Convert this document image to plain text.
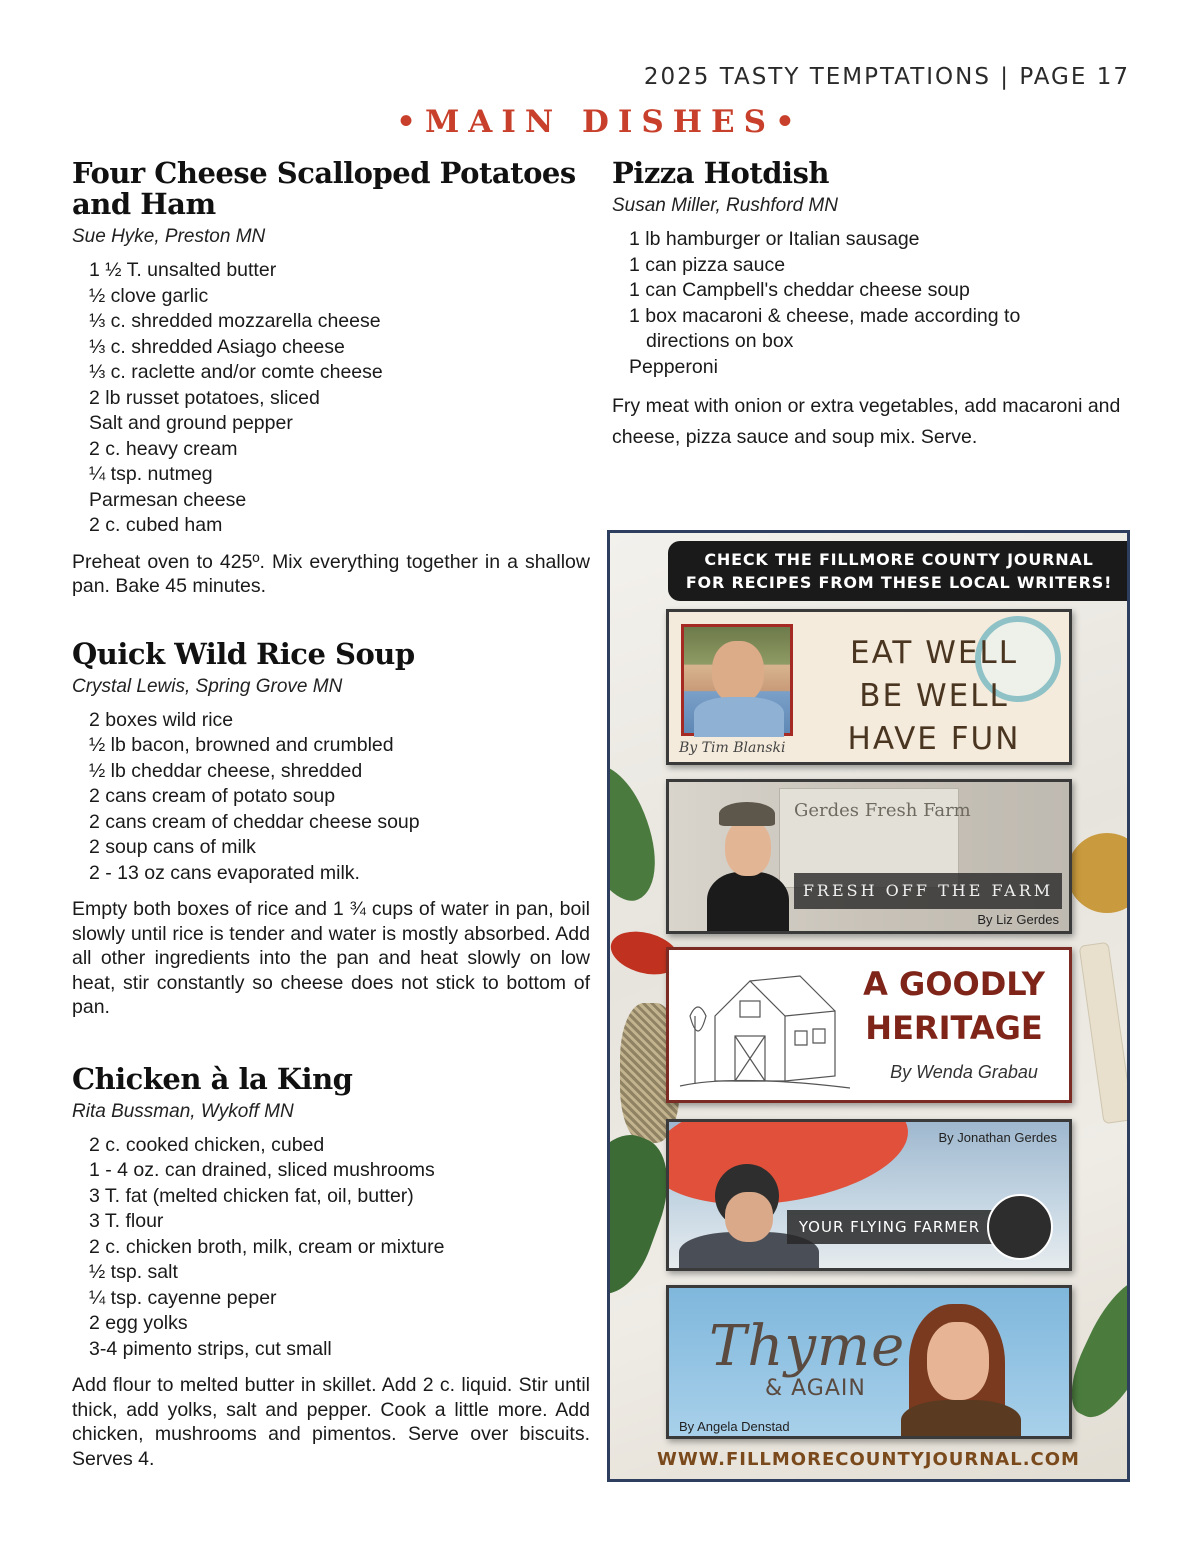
2025 TASTY TEMPTATIONS | PAGE 17
•MAIN DISHES•
Four Cheese Scalloped Potatoes and Ham
Sue Hyke, Preston MN
1 ½ T. unsalted butter
½ clove garlic
⅓ c. shredded mozzarella cheese
⅓ c. shredded Asiago cheese
⅓ c. raclette and/or comte cheese
2 lb russet potatoes, sliced
Salt and ground pepper
2 c. heavy cream
¼ tsp. nutmeg
Parmesan cheese
2 c. cubed ham

Preheat oven to 425º. Mix everything together in a shallow pan. Bake 45 minutes.

Quick Wild Rice Soup
Crystal Lewis, Spring Grove MN
2 boxes wild rice
½ lb bacon, browned and crumbled
½ lb cheddar cheese, shredded
2 cans cream of potato soup
2 cans cream of cheddar cheese soup
2 soup cans of milk
2 - 13 oz cans evaporated milk.

Empty both boxes of rice and 1 ¾ cups of water in pan, boil slowly until rice is tender and water is mostly absorbed. Add all other ingredients into the pan and heat slowly on low heat, stir constantly so cheese does not stick to bottom of pan.

Chicken à la King
Rita Bussman, Wykoff MN
2 c. cooked chicken, cubed
1 - 4 oz. can drained, sliced mushrooms
3 T. fat (melted chicken fat, oil, butter)
3 T. flour
2 c. chicken broth, milk, cream or mixture
½ tsp. salt
¼ tsp. cayenne peper
2 egg yolks
3-4 pimento strips, cut small

Add flour to melted butter in skillet. Add 2 c. liquid. Stir until thick, add yolks, salt and pepper. Cook a little more. Add chicken, mushrooms and pimentos. Serve over biscuits. Serves 4.

Pizza Hotdish
Susan Miller, Rushford MN
1 lb hamburger or Italian sausage
1 can pizza sauce
1 can Campbell's cheddar cheese soup
1 box macaroni & cheese, made according to
directions on box
Pepperoni

Fry meat with onion or extra vegetables, add macaroni and cheese, pizza sauce and soup mix. Serve.

CHECK THE FILLMORE COUNTY JOURNAL
FOR RECIPES FROM THESE LOCAL WRITERS!
EAT WELL
BE WELL
HAVE FUN
By Tim Blanski
Gerdes Fresh Farm
FRESH OFF THE FARM
By Liz Gerdes
A GOODLY
HERITAGE
By Wenda Grabau
YOUR FLYING FARMER
By Jonathan Gerdes
Thyme
& AGAIN
By Angela Denstad
WWW.FILLMORECOUNTYJOURNAL.COM
